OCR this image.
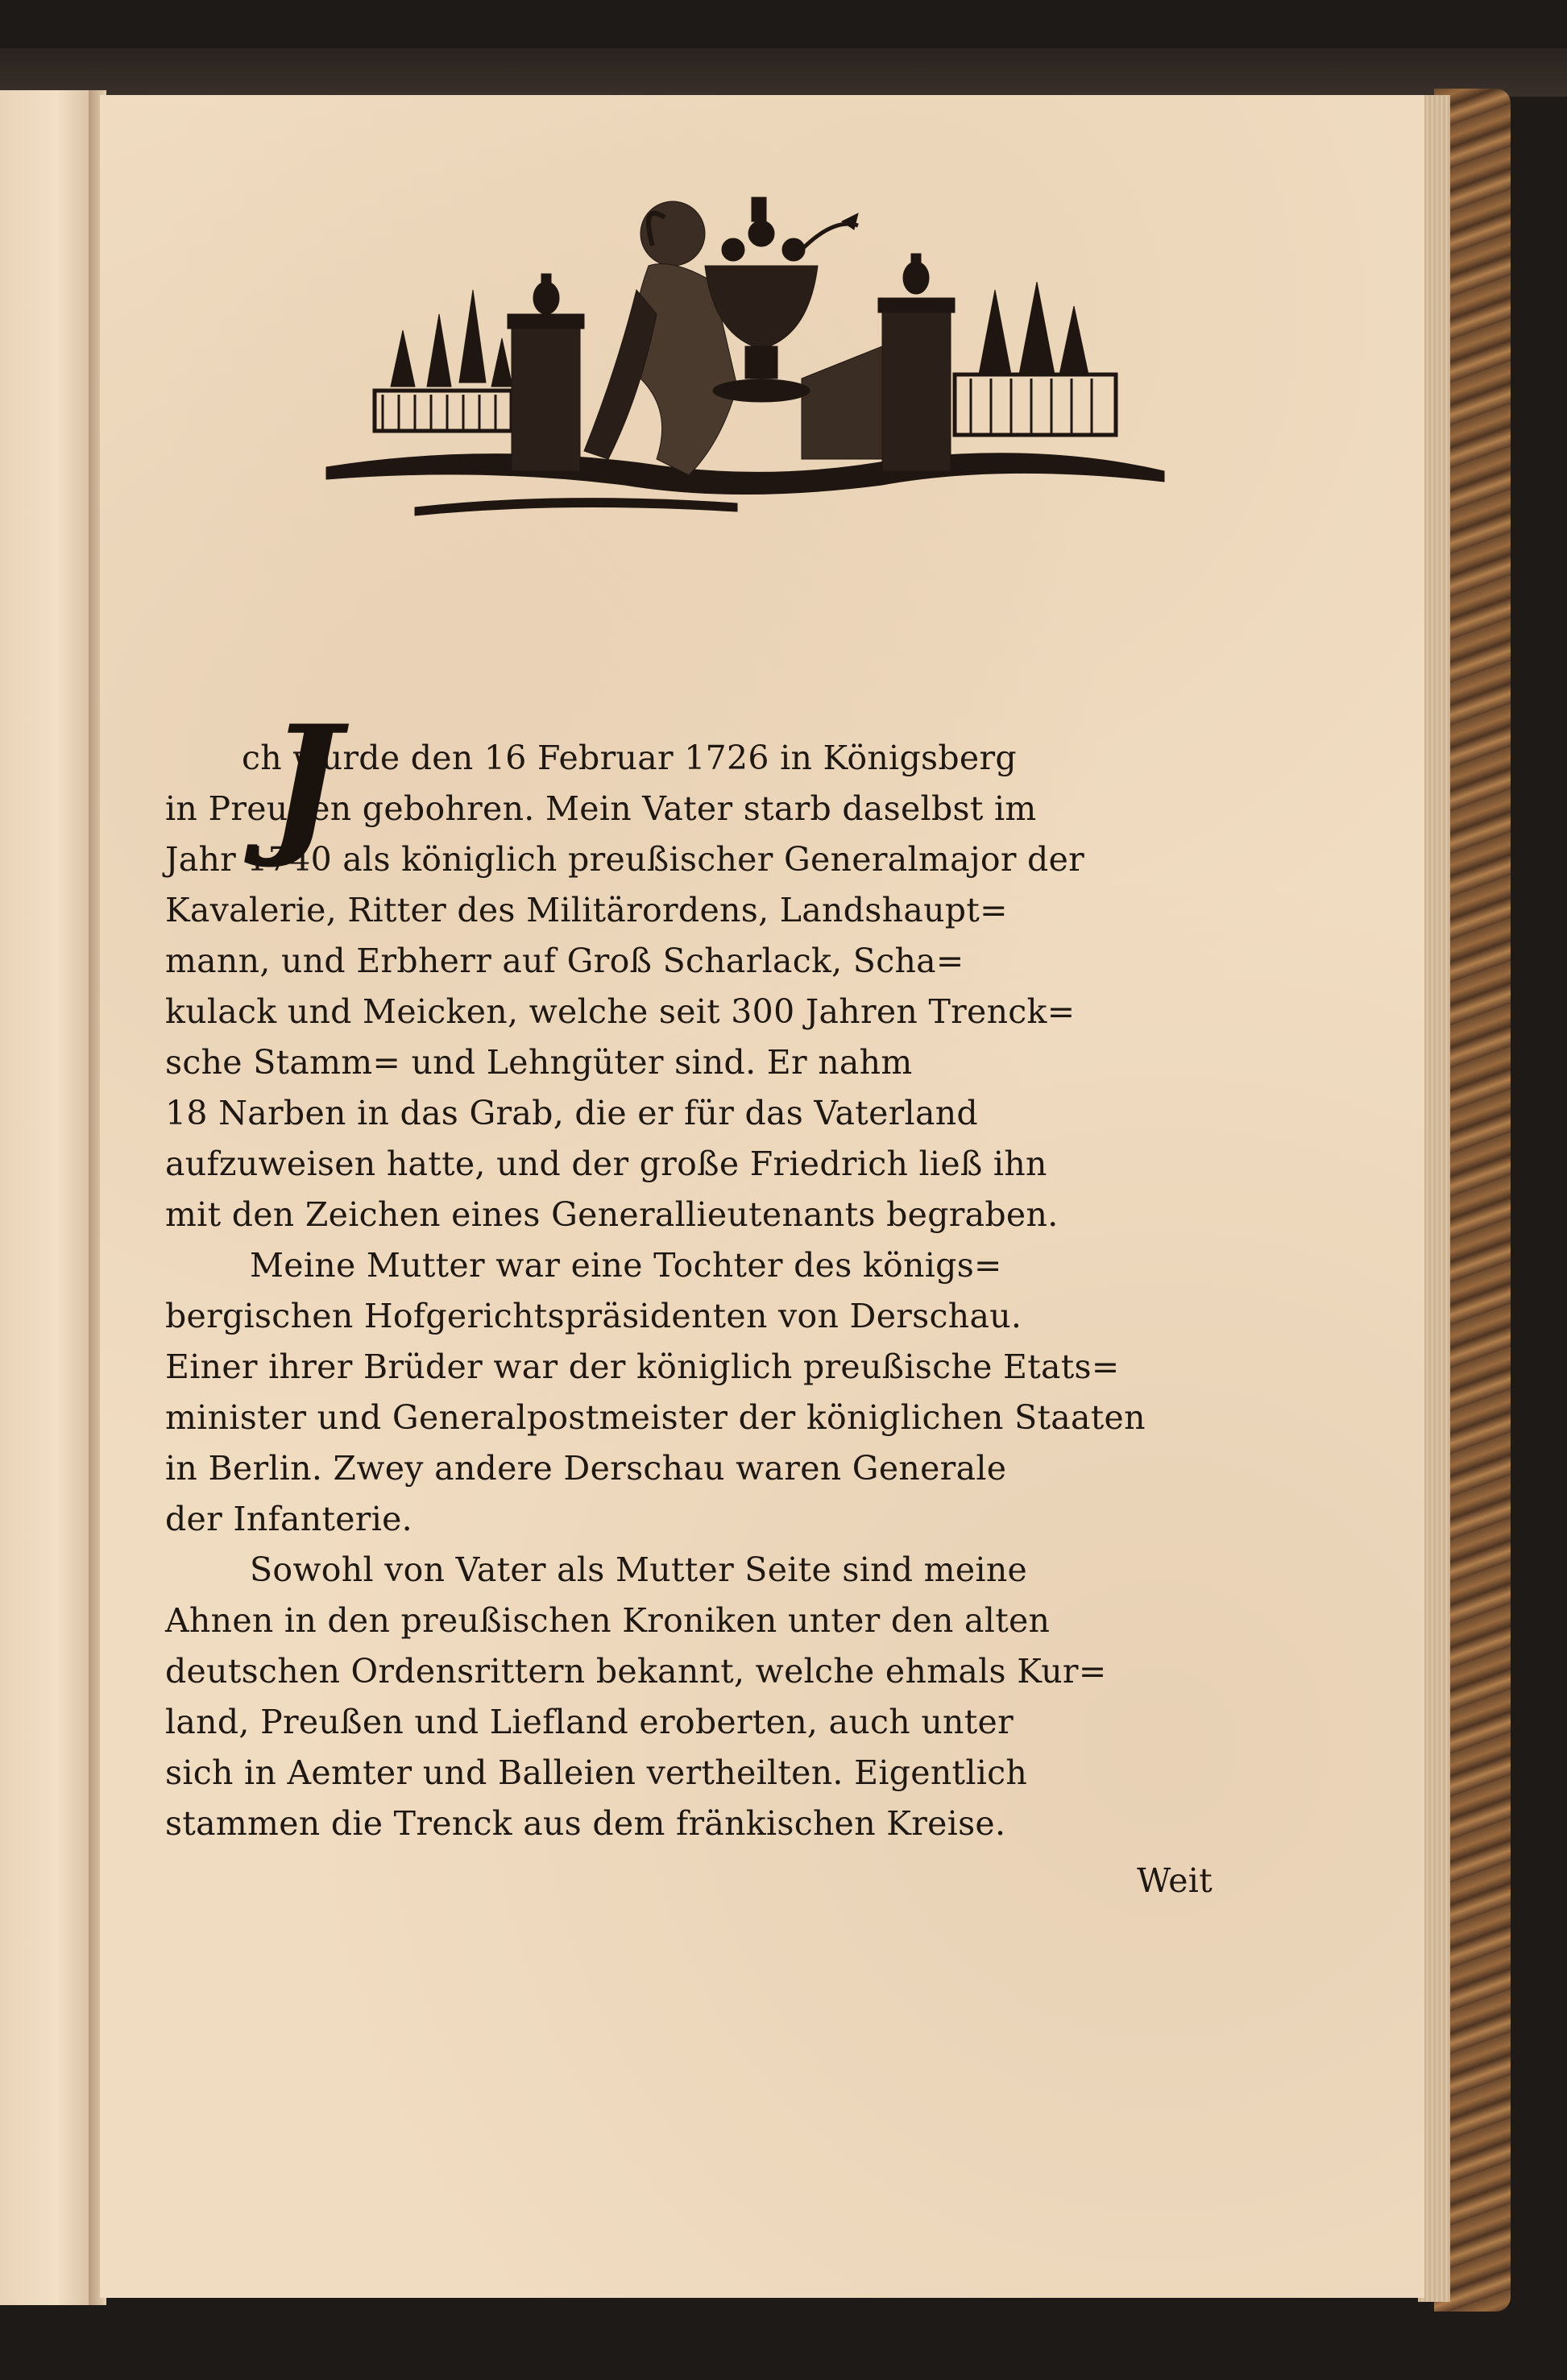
J
ch wurde den 16 Februar 1726 in Königsberg
in Preußen gebohren. Mein Vater starb daselbst im
Jahr 1740 als königlich preußischer Generalmajor der
Kavalerie, Ritter des Militärordens, Landshaupt=
mann, und Erbherr auf Groß Scharlack, Scha=
kulack und Meicken, welche seit 300 Jahren Trenck=
sche Stamm= und Lehngüter sind. Er nahm
18 Narben in das Grab, die er für das Vaterland
aufzuweisen hatte, und der große Friedrich ließ ihn
mit den Zeichen eines Generallieutenants begraben.
Meine Mutter war eine Tochter des königs=
bergischen Hofgerichtspräsidenten von Derschau.
Einer ihrer Brüder war der königlich preußische Etats=
minister und Generalpostmeister der königlichen Staaten
in Berlin. Zwey andere Derschau waren Generale
der Infanterie.
Sowohl von Vater als Mutter Seite sind meine
Ahnen in den preußischen Kroniken unter den alten
deutschen Ordensrittern bekannt, welche ehmals Kur=
land, Preußen und Liefland eroberten, auch unter
sich in Aemter und Balleien vertheilten. Eigentlich
stammen die Trenck aus dem fränkischen Kreise.
Weit
